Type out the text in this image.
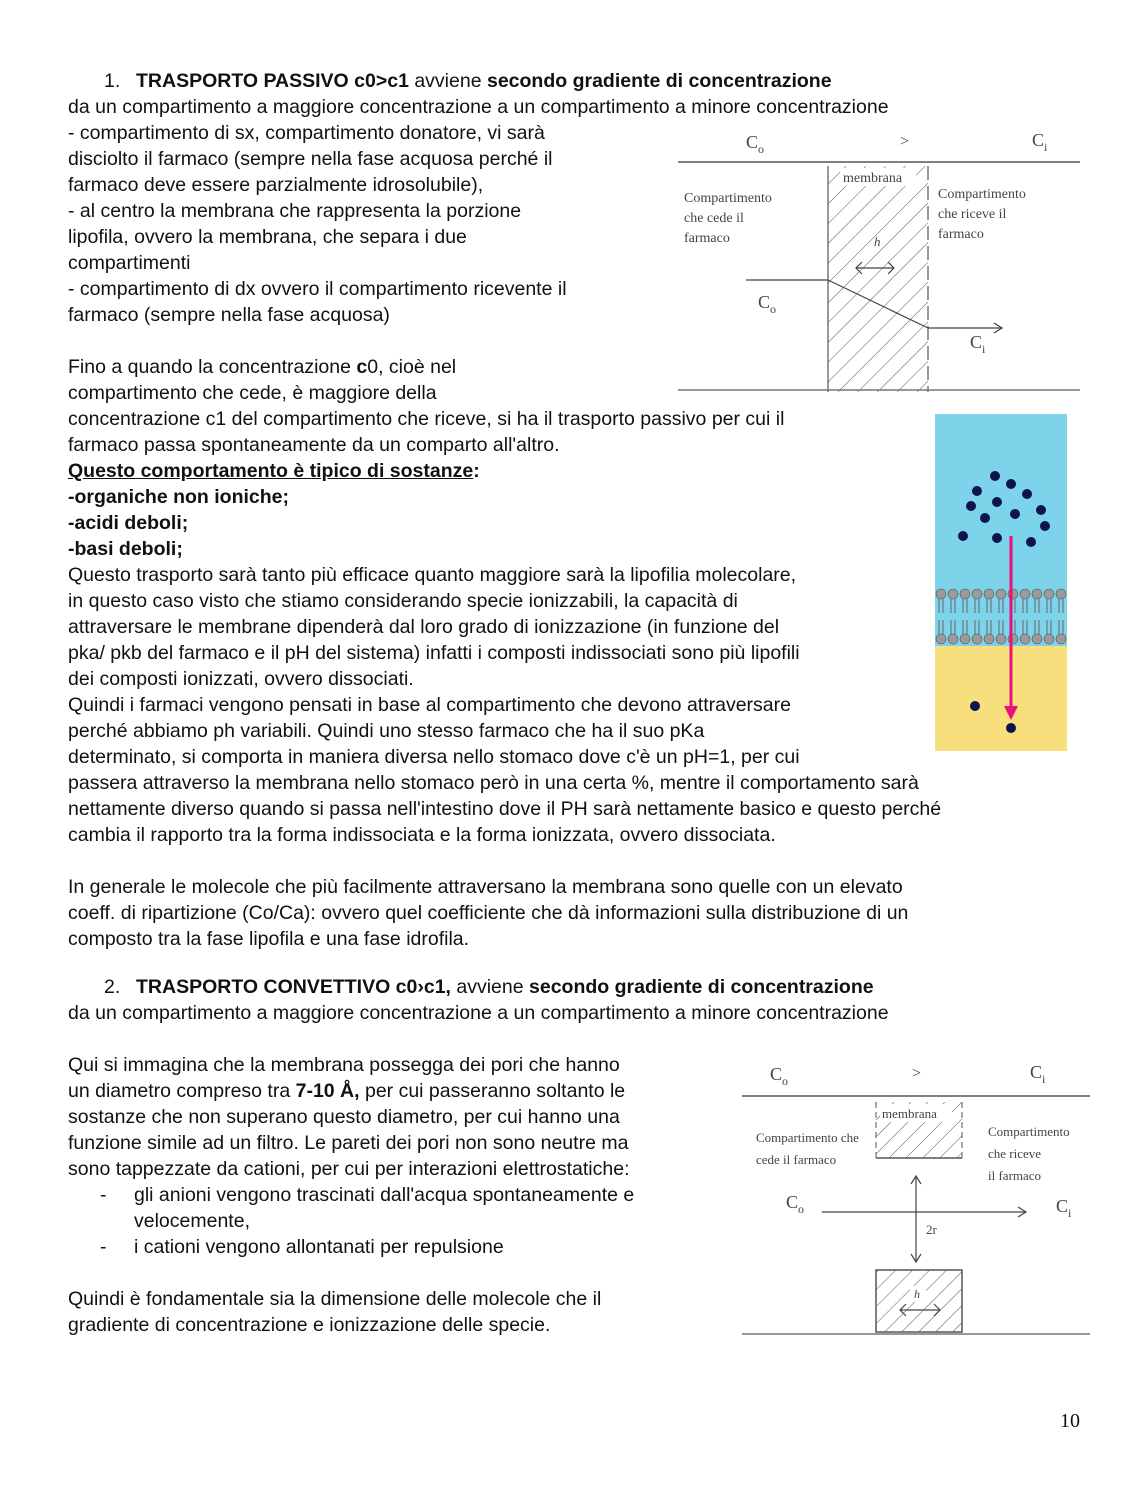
1. TRASPORTO PASSIVO c0>c1 avviene secondo gradiente di concentrazione
da un compartimento a maggiore concentrazione a un compartimento a minore concentrazione
- compartimento di sx, compartimento donatore, vi sarà
disciolto il farmaco (sempre nella fase acquosa perché il
farmaco deve essere parzialmente idrosolubile),
- al centro la membrana che rappresenta la porzione
lipofila, ovvero la membrana, che separa i due
compartimenti
- compartimento di dx ovvero il compartimento ricevente il
farmaco (sempre nella fase acquosa)
Fino a quando la concentrazione c0, cioè nel
compartimento che cede, è maggiore della
concentrazione c1 del compartimento che riceve, si ha il trasporto passivo per cui il
farmaco passa spontaneamente da un comparto all'altro.
Questo comportamento è tipico di sostanze:
-organiche non ioniche;
-acidi deboli;
-basi deboli;
Questo trasporto sarà tanto più efficace quanto maggiore sarà la lipofilia molecolare,
in questo caso visto che stiamo considerando specie ionizzabili, la capacità di
attraversare le membrane dipenderà dal loro grado di ionizzazione (in funzione del
pka/ pkb del farmaco e il pH del sistema) infatti i composti indissociati sono più lipofili
dei composti ionizzati, ovvero dissociati.
Quindi i farmaci vengono pensati in base al compartimento che devono attraversare
perché abbiamo ph variabili. Quindi uno stesso farmaco che ha il suo pKa
determinato, si comporta in maniera diversa nello stomaco dove c'è un pH=1, per cui
passera attraverso la membrana nello stomaco però in una certa %, mentre il comportamento sarà
nettamente diverso quando si passa nell'intestino dove il PH sarà nettamente basico e questo perché
cambia il rapporto tra la forma indissociata e la forma ionizzata, ovvero dissociata.
In generale le molecole che più facilmente attraversano la membrana sono quelle con un elevato
coeff. di ripartizione (Co/Ca): ovvero quel coefficiente che dà informazioni sulla distribuzione di un
composto tra la fase lipofila e una fase idrofila.
C o	>	C i
membrana
Compartimento
che cede il
farmaco
Compartimento
che riceve il
farmaco
h
C o
C i
2. TRASPORTO CONVETTIVO c0›c1, avviene secondo gradiente di concentrazione
da un compartimento a maggiore concentrazione a un compartimento a minore concentrazione
Qui si immagina che la membrana possegga dei pori che hanno
un diametro compreso tra 7-10 Å, per cui passeranno soltanto le
sostanze che non superano questo diametro, per cui hanno una
funzione simile ad un filtro. Le pareti dei pori non sono neutre ma
sono tappezzate da cationi, per cui per interazioni elettrostatiche:
- gli anioni vengono trascinati dall'acqua spontaneamente e
velocemente,
- i cationi vengono allontanati per repulsione
Quindi è fondamentale sia la dimensione delle molecole che il
gradiente di concentrazione e ionizzazione delle specie.
C o	>	C i
membrana
Compartimento che
cede il farmaco
Compartimento
che riceve
il farmaco
C o	C i
2r
h
10
